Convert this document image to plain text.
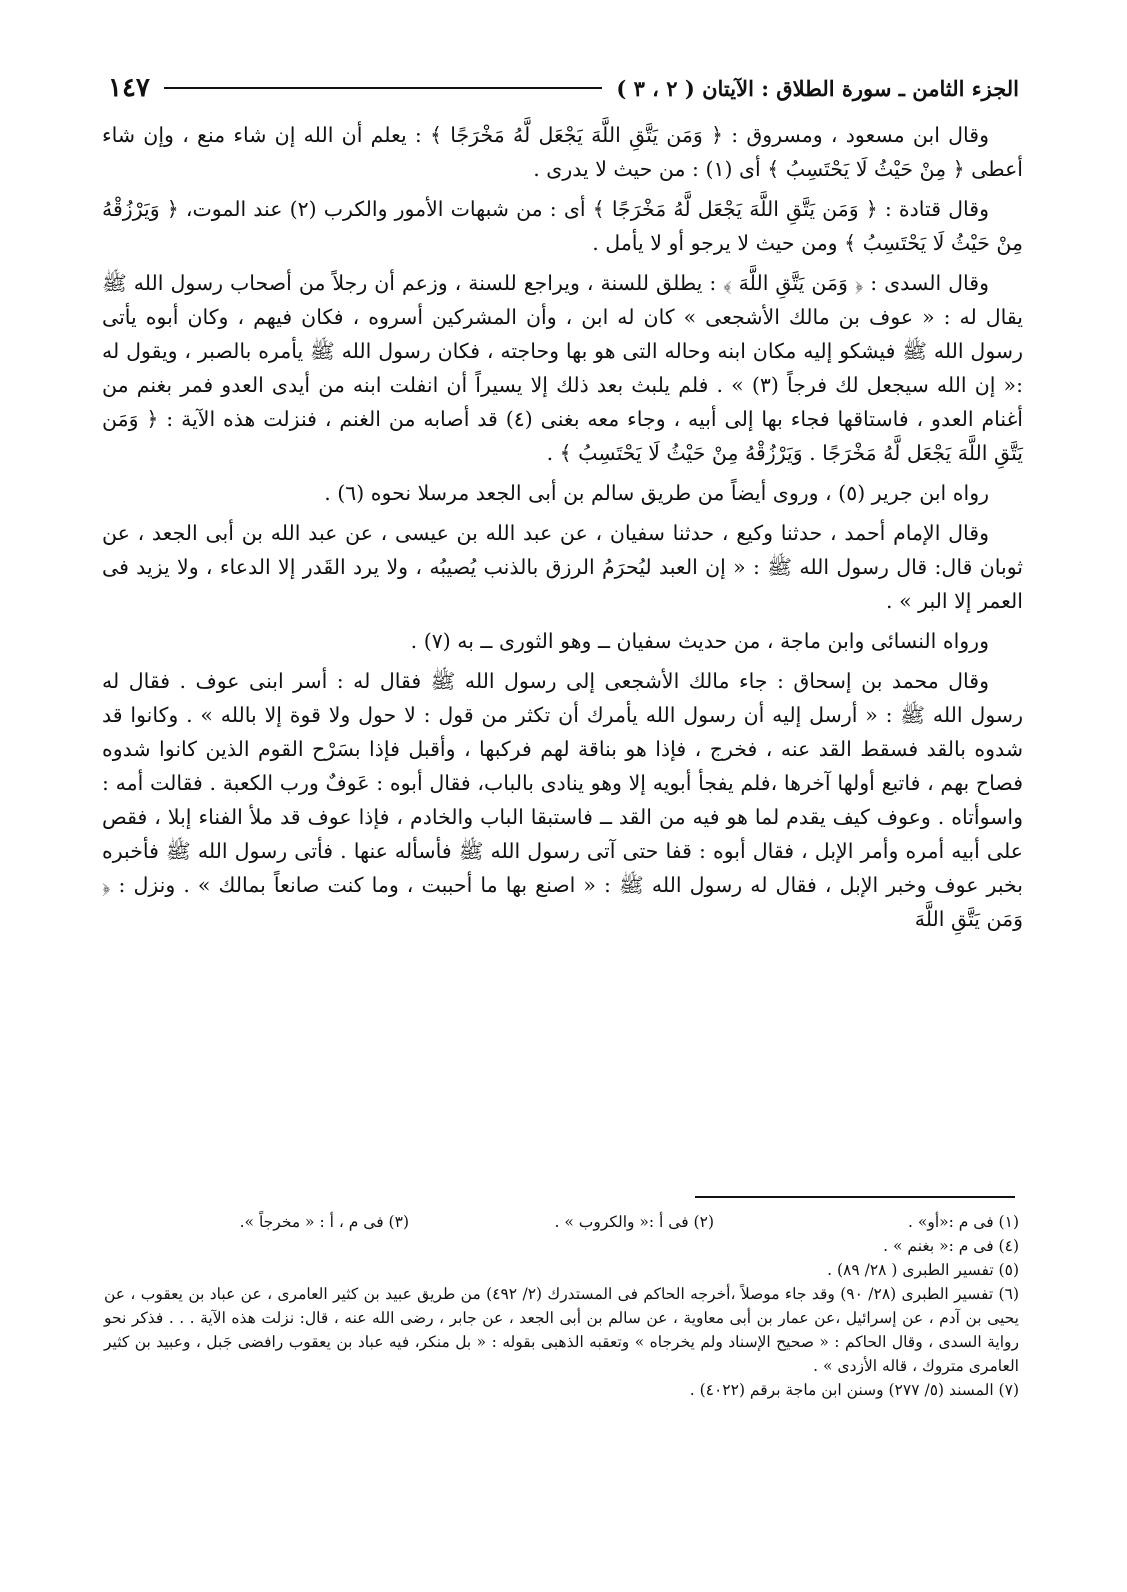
الجزء الثامن ـ سورة الطلاق : الآيتان ( ٢ ، ٣ )
١٤٧

وقال ابن مسعود ، ومسروق : ﴿ وَمَن يَتَّقِ اللَّهَ يَجْعَل لَّهُ مَخْرَجًا ﴾ : يعلم أن الله إن شاء منع ، وإن شاء أعطى ﴿ مِنْ حَيْثُ لَا يَحْتَسِبُ ﴾ أى (١) : من حيث لا يدرى .

وقال قتادة : ﴿ وَمَن يَتَّقِ اللَّهَ يَجْعَل لَّهُ مَخْرَجًا ﴾ أى : من شبهات الأمور والكرب (٢) عند الموت، ﴿ وَيَرْزُقْهُ مِنْ حَيْثُ لَا يَحْتَسِبُ ﴾ ومن حيث لا يرجو أو لا يأمل .

وقال السدى : ﴿ وَمَن يَتَّقِ اللَّهَ ﴾ : يطلق للسنة ، ويراجع للسنة ، وزعم أن رجلاً من أصحاب رسول الله ﷺ يقال له : « عوف بن مالك الأشجعى » كان له ابن ، وأن المشركين أسروه ، فكان فيهم ، وكان أبوه يأتى رسول الله ﷺ فيشكو إليه مكان ابنه وحاله التى هو بها وحاجته ، فكان رسول الله ﷺ يأمره بالصبر ، ويقول له :« إن الله سيجعل لك فرجاً (٣) » . فلم يلبث بعد ذلك إلا يسيراً أن انفلت ابنه من أيدى العدو فمر بغنم من أغنام العدو ، فاستاقها فجاء بها إلى أبيه ، وجاء معه بغنى (٤) قد أصابه من الغنم ، فنزلت هذه الآية : ﴿ وَمَن يَتَّقِ اللَّهَ يَجْعَل لَّهُ مَخْرَجًا . وَيَرْزُقْهُ مِنْ حَيْثُ لَا يَحْتَسِبُ ﴾ .

رواه ابن جرير (٥) ، وروى أيضاً من طريق سالم بن أبى الجعد مرسلا نحوه (٦) .

وقال الإمام أحمد ، حدثنا وكيع ، حدثنا سفيان ، عن عبد الله بن عيسى ، عن عبد الله بن أبى الجعد ، عن ثوبان قال: قال رسول الله ﷺ : « إن العبد ليُحرَمُ الرزق بالذنب يُصيبُه ، ولا يرد القَدر إلا الدعاء ، ولا يزيد فى العمر إلا البر » .

ورواه النسائى وابن ماجة ، من حديث سفيان ــ وهو الثورى ــ به (٧) .

وقال محمد بن إسحاق : جاء مالك الأشجعى إلى رسول الله ﷺ فقال له : أسر ابنى عوف . فقال له رسول الله ﷺ : « أرسل إليه أن رسول الله يأمرك أن تكثر من قول : لا حول ولا قوة إلا بالله » . وكانوا قد شدوه بالقد فسقط القد عنه ، فخرج ، فإذا هو بناقة لهم فركبها ، وأقبل فإذا بسَرْح القوم الذين كانوا شدوه فصاح بهم ، فاتبع أولها آخرها ،فلم يفجأ أبويه إلا وهو ينادى بالباب، فقال أبوه : عَوفٌ ورب الكعبة . فقالت أمه : واسوأتاه . وعوف كيف يقدم لما هو فيه من القد ــ فاستبقا الباب والخادم ، فإذا عوف قد ملأ الفناء إبلا ، فقص على أبيه أمره وأمر الإبل ، فقال أبوه : قفا حتى آتى رسول الله ﷺ فأسأله عنها . فأتى رسول الله ﷺ فأخبره بخبر عوف وخبر الإبل ، فقال له رسول الله ﷺ : « اصنع بها ما أحببت ، وما كنت صانعاً بمالك » . ونزل : ﴿ وَمَن يَتَّقِ اللَّهَ

(١) فى م :«أو» .
(٢) فى أ :« والكروب » .
(٣) فى م ، أ : « مخرجاً ».

(٤) فى م :« بغنم » .

(٥) تفسير الطبرى ( ٢٨/ ٨٩) .

(٦) تفسير الطبرى (٢٨/ ٩٠) وقد جاء موصلاً ،أخرجه الحاكم فى المستدرك (٢/ ٤٩٢) من طريق عبيد بن كثير العامرى ، عن عباد بن يعقوب ، عن يحيى بن آدم ، عن إسرائيل ،عن عمار بن أبى معاوية ، عن سالم بن أبى الجعد ، عن جابر ، رضى الله عنه ، قال: نزلت هذه الآية . . . فذكر نحو رواية السدى ، وقال الحاكم : « صحيح الإسناد ولم يخرجاه » وتعقبه الذهبى بقوله : « بل منكر، فيه عباد بن يعقوب رافضى جَبل ، وعبيد بن كثير العامرى متروك ، قاله الأزدى » .

(٧) المسند (٥/ ٢٧٧) وسنن ابن ماجة برقم (٤٠٢٢) .
